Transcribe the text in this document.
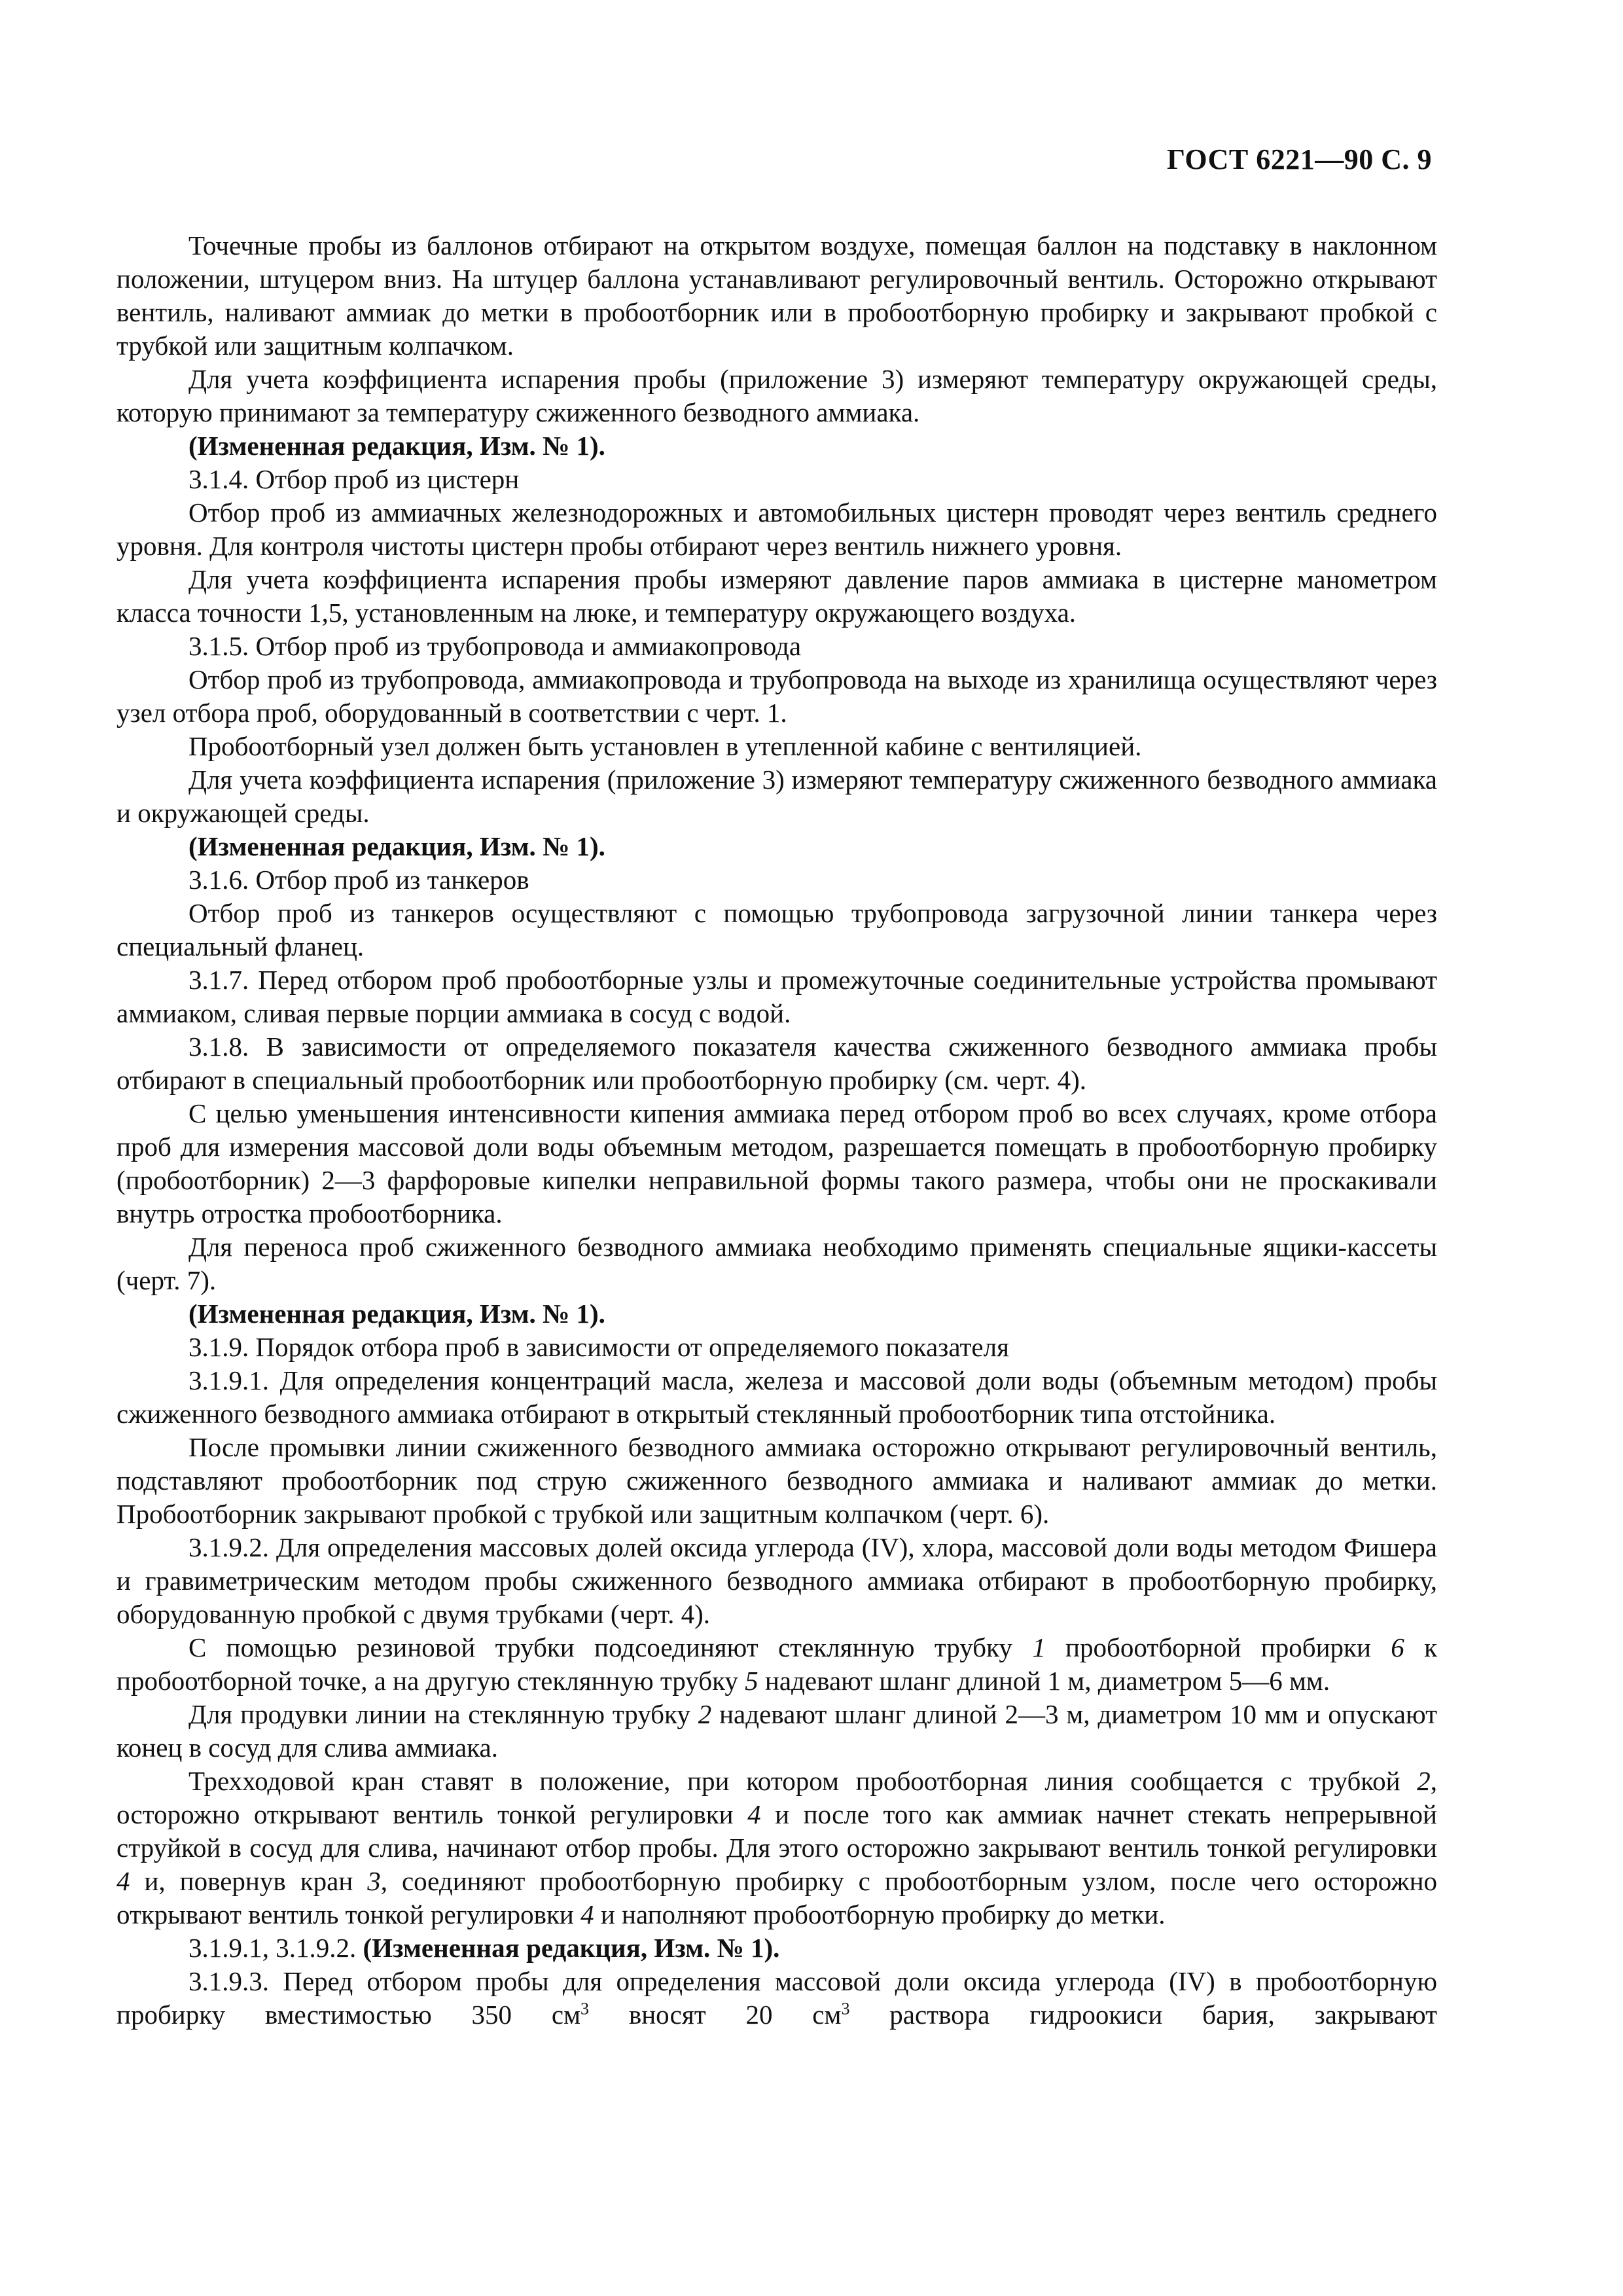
ГОСТ 6221—90 С. 9

Точечные пробы из баллонов отбирают на открытом воздухе, помещая баллон на подставку в наклонном положении, штуцером вниз. На штуцер баллона устанавливают регулировочный вентиль. Осторожно открывают вентиль, наливают аммиак до метки в пробоотборник или в пробоотборную пробирку и закрывают пробкой с трубкой или защитным колпачком.

Для учета коэффициента испарения пробы (приложение 3) измеряют температуру окружающей среды, которую принимают за температуру сжиженного безводного аммиака.

(Измененная редакция, Изм. № 1).

3.1.4. Отбор проб из цистерн

Отбор проб из аммиачных железнодорожных и автомобильных цистерн проводят через вентиль среднего уровня. Для контроля чистоты цистерн пробы отбирают через вентиль нижнего уровня.

Для учета коэффициента испарения пробы измеряют давление паров аммиака в цистерне манометром класса точности 1,5, установленным на люке, и температуру окружающего воздуха.

3.1.5. Отбор проб из трубопровода и аммиакопровода

Отбор проб из трубопровода, аммиакопровода и трубопровода на выходе из хранилища осуществляют через узел отбора проб, оборудованный в соответствии с черт. 1.

Пробоотборный узел должен быть установлен в утепленной кабине с вентиляцией.

Для учета коэффициента испарения (приложение 3) измеряют температуру сжиженного безводного аммиака и окружающей среды.

(Измененная редакция, Изм. № 1).

3.1.6. Отбор проб из танкеров

Отбор проб из танкеров осуществляют с помощью трубопровода загрузочной линии танкера через специальный фланец.

3.1.7. Перед отбором проб пробоотборные узлы и промежуточные соединительные устройства промывают аммиаком, сливая первые порции аммиака в сосуд с водой.

3.1.8. В зависимости от определяемого показателя качества сжиженного безводного аммиака пробы отбирают в специальный пробоотборник или пробоотборную пробирку (см. черт. 4).

С целью уменьшения интенсивности кипения аммиака перед отбором проб во всех случаях, кроме отбора проб для измерения массовой доли воды объемным методом, разрешается помещать в пробоотборную пробирку (пробоотборник) 2—3 фарфоровые кипелки неправильной формы такого размера, чтобы они не проскакивали внутрь отростка пробоотборника.

Для переноса проб сжиженного безводного аммиака необходимо применять специальные ящики-кассеты (черт. 7).

(Измененная редакция, Изм. № 1).

3.1.9. Порядок отбора проб в зависимости от определяемого показателя

3.1.9.1. Для определения концентраций масла, железа и массовой доли воды (объемным методом) пробы сжиженного безводного аммиака отбирают в открытый стеклянный пробоотборник типа отстойника.

После промывки линии сжиженного безводного аммиака осторожно открывают регулировочный вентиль, подставляют пробоотборник под струю сжиженного безводного аммиака и наливают аммиак до метки. Пробоотборник закрывают пробкой с трубкой или защитным колпачком (черт. 6).

3.1.9.2. Для определения массовых долей оксида углерода (IV), хлора, массовой доли воды методом Фишера и гравиметрическим методом пробы сжиженного безводного аммиака отбирают в пробоотборную пробирку, оборудованную пробкой с двумя трубками (черт. 4).

С помощью резиновой трубки подсоединяют стеклянную трубку 1 пробоотборной пробирки 6 к пробоотборной точке, а на другую стеклянную трубку 5 надевают шланг длиной 1 м, диаметром 5—6 мм.

Для продувки линии на стеклянную трубку 2 надевают шланг длиной 2—3 м, диаметром 10 мм и опускают конец в сосуд для слива аммиака.

Трехходовой кран ставят в положение, при котором пробоотборная линия сообщается с трубкой 2, осторожно открывают вентиль тонкой регулировки 4 и после того как аммиак начнет стекать непрерывной струйкой в сосуд для слива, начинают отбор пробы. Для этого осторожно закрывают вентиль тонкой регулировки 4 и, повернув кран 3, соединяют пробоотборную пробирку с пробоотборным узлом, после чего осторожно открывают вентиль тонкой регулировки 4 и наполняют пробоотборную пробирку до метки.

3.1.9.1, 3.1.9.2. (Измененная редакция, Изм. № 1).

3.1.9.3. Перед отбором пробы для определения массовой доли оксида углерода (IV) в пробоотборную пробирку вместимостью 350 $см^3$ вносят 20 $см^3$ раствора гидроокиси бария, закрывают
